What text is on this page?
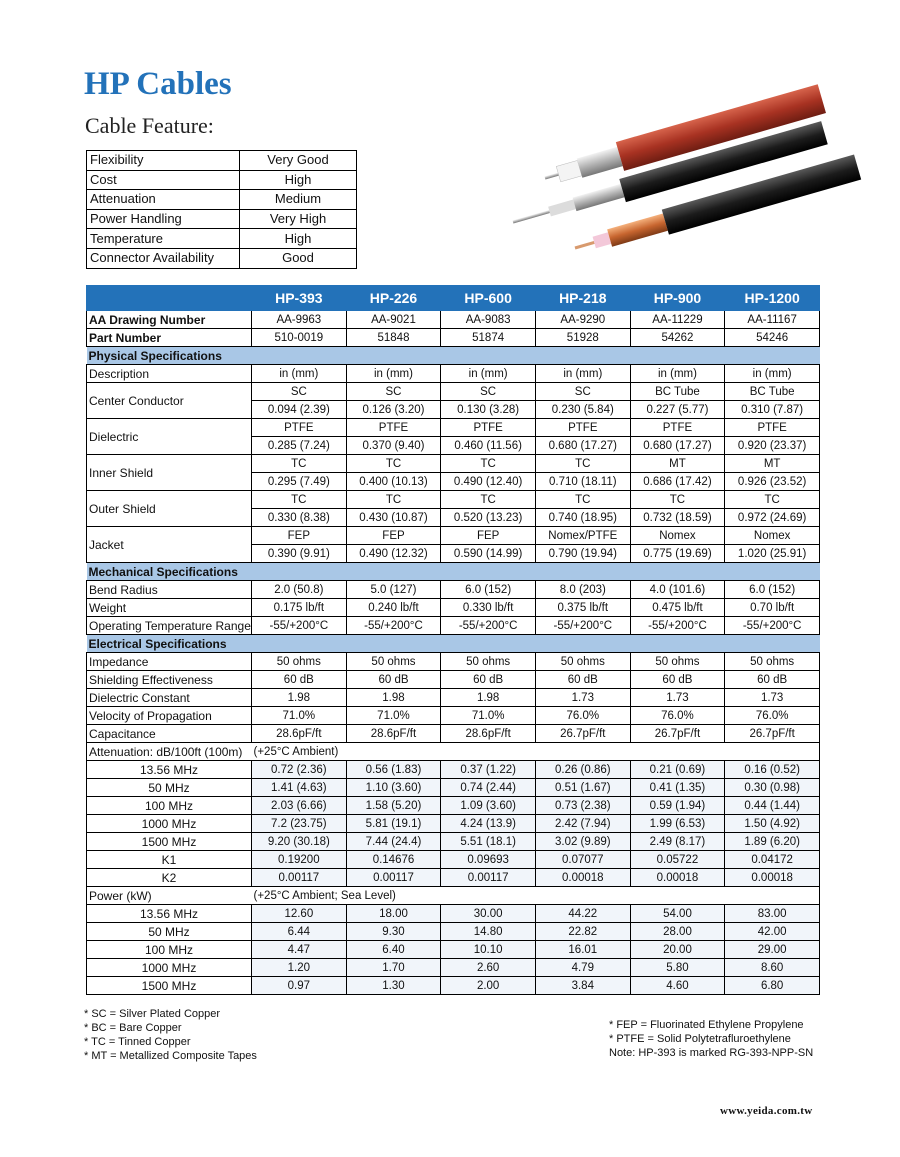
HP Cables
Cable Feature:
Flexibility	Very Good
Cost	High
Attenuation	Medium
Power Handling	Very High
Temperature	High
Connector Availability	Good
	HP-393	HP-226	HP-600	HP-218	HP-900	HP-1200
AA Drawing Number	AA-9963	AA-9021	AA-9083	AA-9290	AA-11229	AA-11167
Part Number	510-0019	51848	51874	51928	54262	54246
Physical Specifications						
Description	in (mm)	in (mm)	in (mm)	in (mm)	in (mm)	in (mm)
Center Conductor	SC	SC	SC	SC	BC Tube	BC Tube
	0.094 (2.39)	0.126 (3.20)	0.130 (3.28)	0.230 (5.84)	0.227 (5.77)	0.310 (7.87)
Dielectric	PTFE	PTFE	PTFE	PTFE	PTFE	PTFE
	0.285 (7.24)	0.370 (9.40)	0.460 (11.56)	0.680 (17.27)	0.680 (17.27)	0.920 (23.37)
Inner Shield	TC	TC	TC	TC	MT	MT
	0.295 (7.49)	0.400 (10.13)	0.490 (12.40)	0.710 (18.11)	0.686 (17.42)	0.926 (23.52)
Outer Shield	TC	TC	TC	TC	TC	TC
	0.330 (8.38)	0.430 (10.87)	0.520 (13.23)	0.740 (18.95)	0.732 (18.59)	0.972 (24.69)
Jacket	FEP	FEP	FEP	Nomex/PTFE	Nomex	Nomex
	0.390 (9.91)	0.490 (12.32)	0.590 (14.99)	0.790 (19.94)	0.775 (19.69)	1.020 (25.91)
Mechanical Specifications						
Bend Radius	2.0 (50.8)	5.0 (127)	6.0 (152)	8.0 (203)	4.0 (101.6)	6.0 (152)
Weight	0.175 lb/ft	0.240 lb/ft	0.330 lb/ft	0.375 lb/ft	0.475 lb/ft	0.70 lb/ft
Operating Temperature Range	-55/+200°C	-55/+200°C	-55/+200°C	-55/+200°C	-55/+200°C	-55/+200°C
Electrical Specifications						
Impedance	50 ohms	50 ohms	50 ohms	50 ohms	50 ohms	50 ohms
Shielding Effectiveness	60 dB	60 dB	60 dB	60 dB	60 dB	60 dB
Dielectric Constant	1.98	1.98	1.98	1.73	1.73	1.73
Velocity of Propagation	71.0%	71.0%	71.0%	76.0%	76.0%	76.0%
Capacitance	28.6pF/ft	28.6pF/ft	28.6pF/ft	26.7pF/ft	26.7pF/ft	26.7pF/ft
Attenuation: dB/100ft (100m)	(+25°C Ambient)					
13.56 MHz	0.72 (2.36)	0.56 (1.83)	0.37 (1.22)	0.26 (0.86)	0.21 (0.69)	0.16 (0.52)
50 MHz	1.41 (4.63)	1.10 (3.60)	0.74 (2.44)	0.51 (1.67)	0.41 (1.35)	0.30 (0.98)
100 MHz	2.03 (6.66)	1.58 (5.20)	1.09 (3.60)	0.73 (2.38)	0.59 (1.94)	0.44 (1.44)
1000 MHz	7.2 (23.75)	5.81 (19.1)	4.24 (13.9)	2.42 (7.94)	1.99 (6.53)	1.50 (4.92)
1500 MHz	9.20 (30.18)	7.44 (24.4)	5.51 (18.1)	3.02 (9.89)	2.49 (8.17)	1.89 (6.20)
K1	0.19200	0.14676	0.09693	0.07077	0.05722	0.04172
K2	0.00117	0.00117	0.00117	0.00018	0.00018	0.00018
Power (kW)	(+25°C Ambient; Sea Level)					
13.56 MHz	12.60	18.00	30.00	44.22	54.00	83.00
50 MHz	6.44	9.30	14.80	22.82	28.00	42.00
100 MHz	4.47	6.40	10.10	16.01	20.00	29.00
1000 MHz	1.20	1.70	2.60	4.79	5.80	8.60
1500 MHz	0.97	1.30	2.00	3.84	4.60	6.80
* SC = Silver Plated Copper
* BC = Bare Copper
* TC = Tinned Copper
* MT = Metallized Composite Tapes
* FEP = Fluorinated Ethylene Propylene
* PTFE = Solid Polytetrafluroethylene
Note: HP-393 is marked RG-393-NPP-SN
www.yeida.com.tw
